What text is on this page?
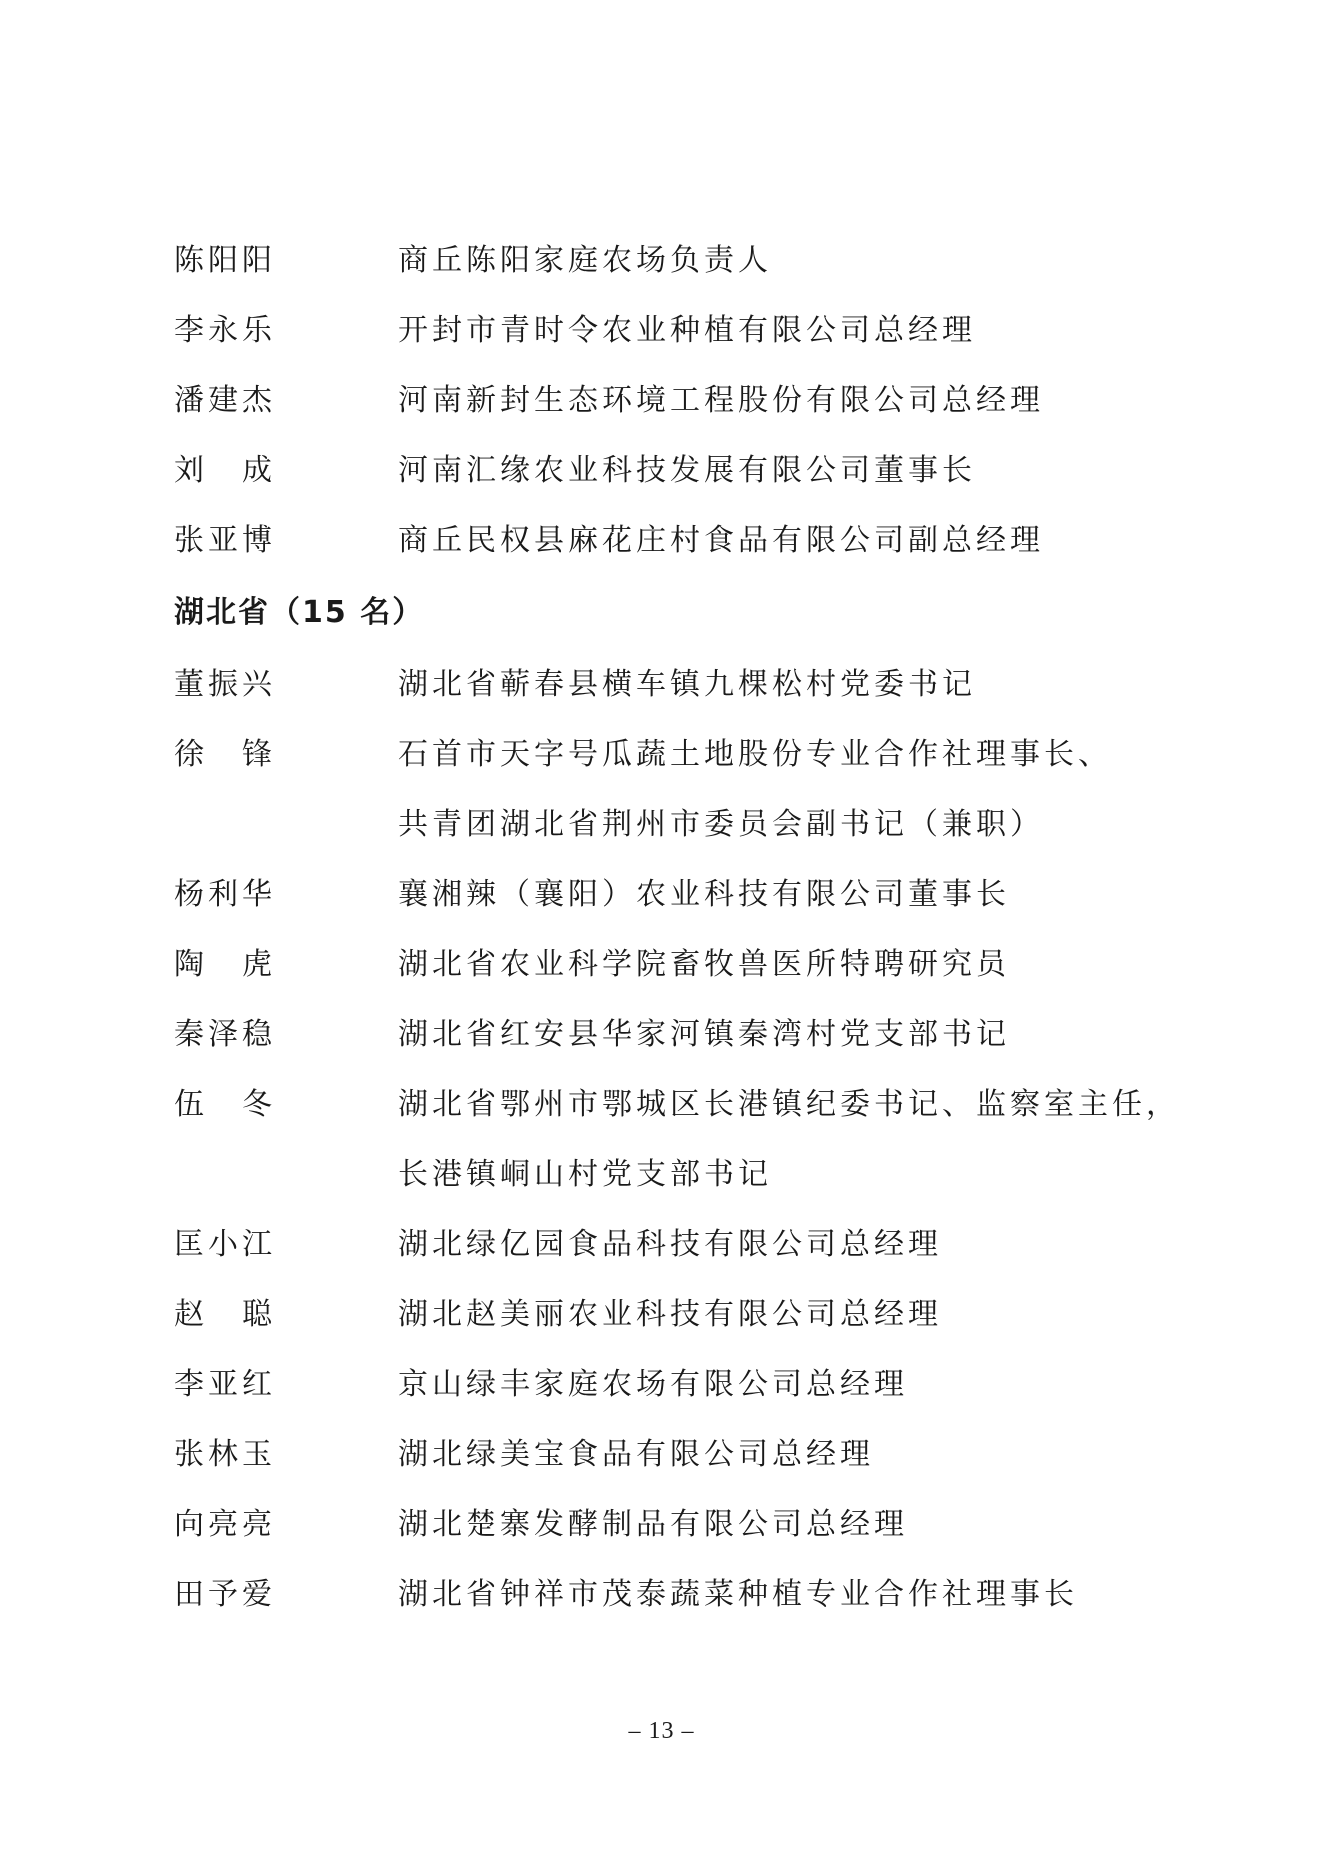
陈阳阳	商丘陈阳家庭农场负责人
李永乐	开封市青时令农业种植有限公司总经理
潘建杰	河南新封生态环境工程股份有限公司总经理
刘　成	河南汇缘农业科技发展有限公司董事长
张亚博	商丘民权县麻花庄村食品有限公司副总经理
湖北省（15 名）
董振兴	湖北省蕲春县横车镇九棵松村党委书记
徐　锋	石首市天字号瓜蔬土地股份专业合作社理事长、
共青团湖北省荆州市委员会副书记（兼职）
杨利华	襄湘辣（襄阳）农业科技有限公司董事长
陶　虎	湖北省农业科学院畜牧兽医所特聘研究员
秦泽稳	湖北省红安县华家河镇秦湾村党支部书记
伍　冬	湖北省鄂州市鄂城区长港镇纪委书记、监察室主任，
长港镇峒山村党支部书记
匡小江	湖北绿亿园食品科技有限公司总经理
赵　聪	湖北赵美丽农业科技有限公司总经理
李亚红	京山绿丰家庭农场有限公司总经理
张林玉	湖北绿美宝食品有限公司总经理
向亮亮	湖北楚寨发酵制品有限公司总经理
田予爱	湖北省钟祥市茂泰蔬菜种植专业合作社理事长
– 13 –
